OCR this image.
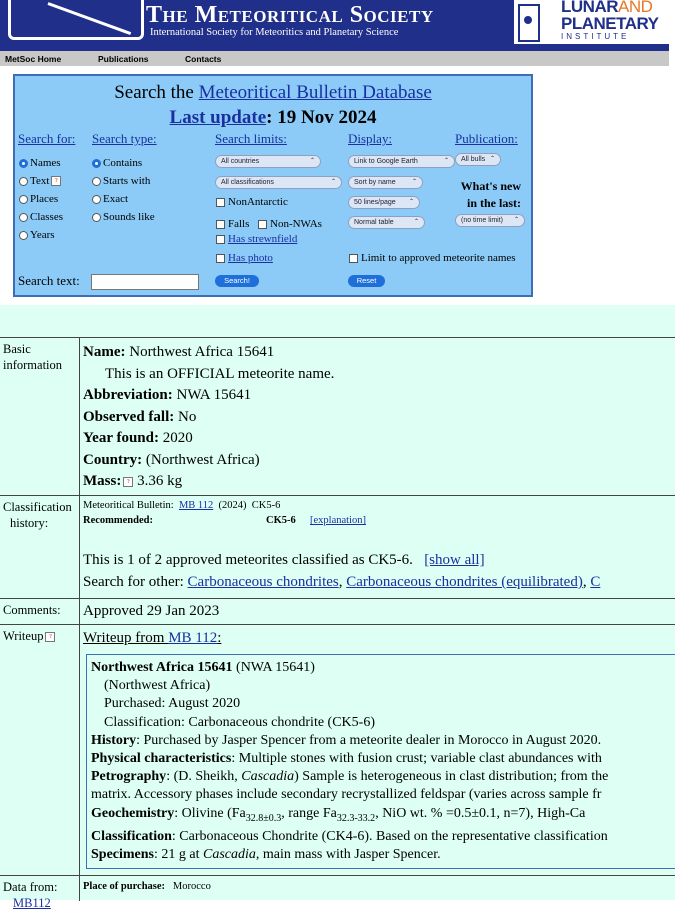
The Meteoritical Society
International Society for Meteoritics and Planetary Science
LUNARAND
PLANETARY
INSTITUTE
MetSoc Home	Publications	Contacts
Search the Meteoritical Bulletin Database
Last update: 19 Nov 2024
Search for: Search type:	Search limits:	Display:	Publication:
Names
Text ?
Places
Classes
Years
Contains
Starts with
Exact
Sounds like
All countries ⌃
All classifications ⌃
NonAntarctic
Falls Non-NWAs
Has strewnfield
Has photo
Link to Google Earth ⌃
Sort by name ⌃
50 lines/page ⌃
Normal table ⌃
Limit to approved meteorite names
All bulls ⌃
What's new
in the last:
(no time limit) ⌃
Search text:	Search!	Reset
Basic
information
Name: Northwest Africa 15641
This is an OFFICIAL meteorite name.
Abbreviation: NWA 15641
Observed fall: No
Year found: 2020
Country: (Northwest Africa)
Mass: ? 3.36 kg
Classification
history:
Meteoritical Bulletin: MB 112 (2024) CK5-6
Recommended:	CK5-6 [explanation]
This is 1 of 2 approved meteorites classified as CK5-6. [show all]
Search for other: Carbonaceous chondrites, Carbonaceous chondrites (equilibrated), C
Comments:	Approved 29 Jan 2023
Writeup ?	Writeup from MB 112:
Northwest Africa 15641 (NWA 15641)
(Northwest Africa)
Purchased: August 2020
Classification: Carbonaceous chondrite (CK5-6)
History: Purchased by Jasper Spencer from a meteorite dealer in Morocco in August 2020.
Physical characteristics: Multiple stones with fusion crust; variable clast abundances with
Petrography: (D. Sheikh, Cascadia) Sample is heterogeneous in clast distribution; from the
matrix. Accessory phases include secondary recrystallized feldspar (varies across sample fr
Geochemistry: Olivine ($Fa_{32.8\pm 0.3}$, range $Fa_{32.3-33.2}$, NiO wt. % =0.5±0.1, n=7), High-Ca
Classification: Carbonaceous Chondrite (CK4-6). Based on the representative classification
Specimens: 21 g at Cascadia, main mass with Jasper Spencer.
Data from:
MB112
Place of purchase: Morocco
